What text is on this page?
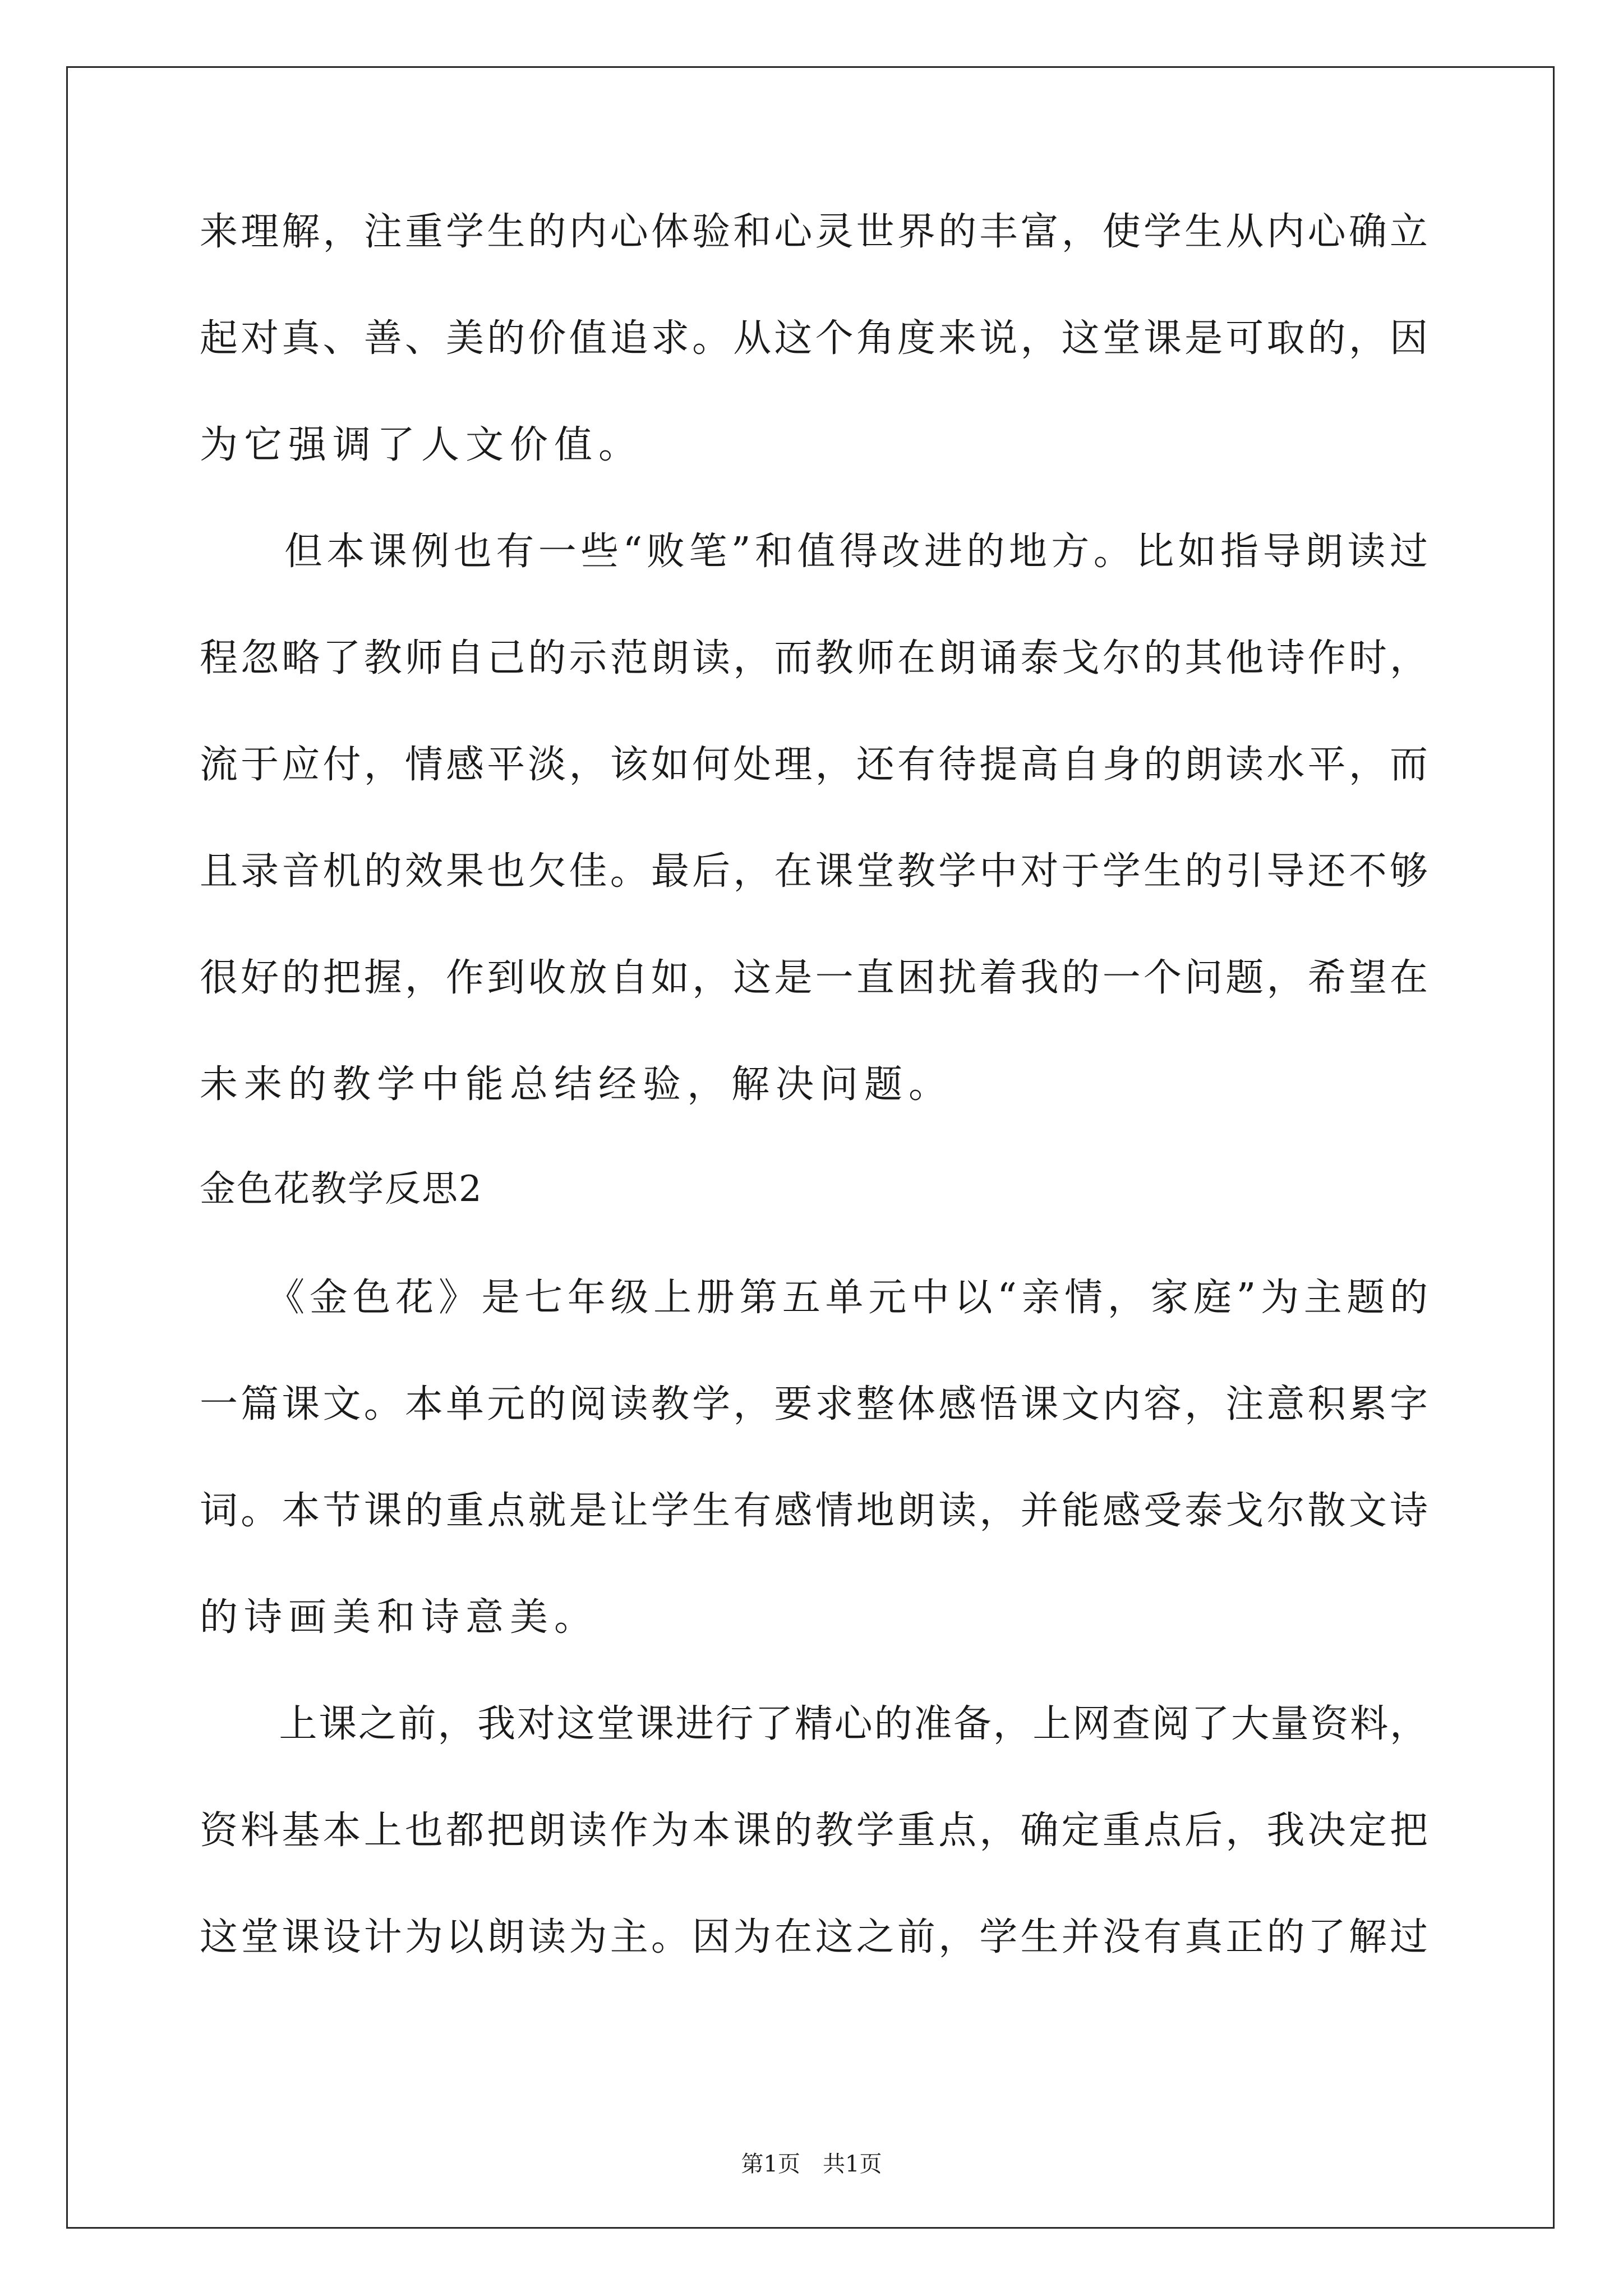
来理解，注重学生的内心体验和心灵世界的丰富，使学生从内心确立
起对真、善、美的价值追求。从这个角度来说，这堂课是可取的，因
为它强调了人文价值。
　　但本课例也有一些“败笔”和值得改进的地方。比如指导朗读过
程忽略了教师自己的示范朗读，而教师在朗诵泰戈尔的其他诗作时，
流于应付，情感平淡，该如何处理，还有待提高自身的朗读水平，而
且录音机的效果也欠佳。最后，在课堂教学中对于学生的引导还不够
很好的把握，作到收放自如，这是一直困扰着我的一个问题，希望在
未来的教学中能总结经验，解决问题。
金色花教学反思2
　　《金色花》是七年级上册第五单元中以“亲情，家庭”为主题的
一篇课文。本单元的阅读教学，要求整体感悟课文内容，注意积累字
词。本节课的重点就是让学生有感情地朗读，并能感受泰戈尔散文诗
的诗画美和诗意美。
　　上课之前，我对这堂课进行了精心的准备，上网查阅了大量资料，
资料基本上也都把朗读作为本课的教学重点，确定重点后，我决定把
这堂课设计为以朗读为主。因为在这之前，学生并没有真正的了解过
第1页　共1页
